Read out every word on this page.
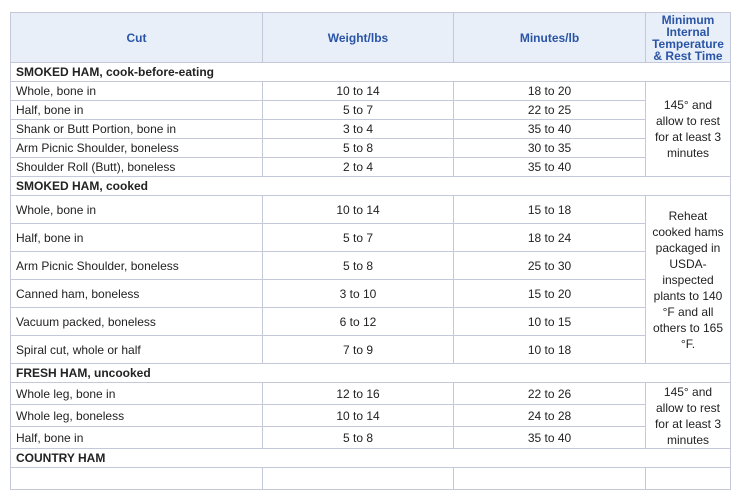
Cut	Weight/lbs	Minutes/lb	Minimum Internal Temperature & Rest Time
SMOKED HAM, cook-before-eating			
Whole, bone in	10 to 14	18 to 20	145° and allow to rest for at least 3 minutes
Half, bone in	5 to 7	22 to 25	
Shank or Butt Portion, bone in	3 to 4	35 to 40	
Arm Picnic Shoulder, boneless	5 to 8	30 to 35	
Shoulder Roll (Butt), boneless	2 to 4	35 to 40	
SMOKED HAM, cooked			
Whole, bone in	10 to 14	15 to 18	Reheat cooked hams packaged in USDA-inspected plants to 140 °F and all others to 165 °F.
Half, bone in	5 to 7	18 to 24	
Arm Picnic Shoulder, boneless	5 to 8	25 to 30	
Canned ham, boneless	3 to 10	15 to 20	
Vacuum packed, boneless	6 to 12	10 to 15	
Spiral cut, whole or half	7 to 9	10 to 18	
FRESH HAM, uncooked			
Whole leg, bone in	12 to 16	22 to 26	145° and allow to rest for at least 3 minutes
Whole leg, boneless	10 to 14	24 to 28	
Half, bone in	5 to 8	35 to 40	
COUNTRY HAM			
